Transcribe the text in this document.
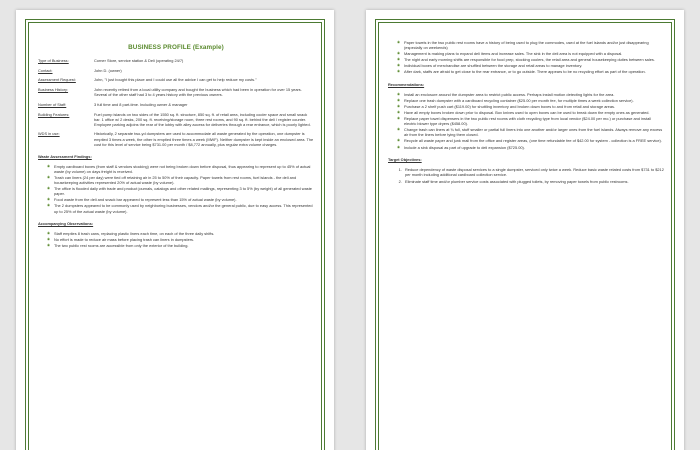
BUSINESS PROFILE (Example)
Type of Business:	Corner Store, service station & Deli (operating 24/7)
Contact:	John D. (owner)
Assessment Request:	John, "I just bought this place and I could use all the advice I can get to help reduce my costs."
Business History:	John recently retired from a local utility company and bought the business which had been in operation for over 15 years. Several of the other staff had 3 to 4 years history with the previous owners.
Number of Staff:	3 full time and 8 part-time. Including owner & manager
Building Features:	Fuel pump islands on two sides of the 1550 sq. ft. structure, 850 sq. ft. of retail area, including cooler space and small snack bar. 1 office w/ 2 desks, 200 sq. ft. receiving/storage room, three rest rooms, and 90 sq. ft. behind the deli / register counter. Employee parking adjoins the rear of the lobby with alley access for deliveries through a rear entrance, which is poorly lighted.
WDS in use:	Historically, 2 separate two-yd dumpsters are used to accommodate all waste generated by the operation, one dumpster is emptied 3 times a week, the other is emptied three times a week (MWF). Neither dumpster is kept inside an enclosed area. The cost for this level of service being $731.00 per month / $8,772 annually, plus regular extra volume charges.
Waste Assessment Findings:
◉ Empty cardboard boxes (from staff & vendors stocking) were not being broken down before disposal, thus appearing to represent up to 45% of actual waste (by volume) on days freight is received.
◉ Trash can liners (24 per day) were tied off retaining air in 25 to 50% of their capacity. Paper towels from rest rooms, fuel islands - the deli and housekeeping activities represented 20% of actual waste (by volume).
◉ The office is flooded daily with trade and product journals, catalogs and other related mailings, representing 3 to 5% (by weight) of all generated waste paper.
◉ Food waste from the deli and snack bar appeared to represent less than 15% of actual waste (by volume).
◉ The 2 dumpsters appeared to be commonly used by neighboring businesses, vendors and/or the general public, due to easy access. This represented up to 25% of the actual waste (by volume).
Accompanying Observations:
◉ Staff empties 8 trash cans, replacing plastic liners each time, on each of the three daily shifts.
◉ No effort is made to reduce air mass before placing trash can liners in dumpsters.
◉ The two public rest rooms are accessible from only the exterior of the building.
◉ Paper towels in the two public rest rooms have a history of being used to plug the commodes, used at the fuel islands and/or just disappearing (especially on weekends)
◉ Management is making plans to expand deli items and increase sales. The sink in the deli area is not equipped with a disposal.
◉ The night and early morning shifts are responsible for food prep, stocking coolers, the retail area and general housekeeping duties between sales.
◉ Individual boxes of merchandise are shuffled between the storage and retail areas to manage inventory.
◉ After dark, staffs are afraid to get close to the rear entrance, or to go outside. There appears to be no recycling effort as part of the operation.
Recommendations:
◉ Install an enclosure around the dumpster area to restrict public access. Perhaps install motion detecting lights for the area.
◉ Replace one trash dumpster with a cardboard recycling container ($25.00 per month fee, for multiple times a week collection service).
◉ Purchase a 2 shelf push cart ($119.00) for shuttling inventory and broken down boxes to and from retail and storage areas.
◉ Have all empty boxes broken down prior to disposal. Box knives used to open boxes can be used to break down the empty ones as generated.
◉ Replace paper towel dispensers in the two public rest rooms with cloth recycling type from local vendor ($24.00 per mo.) or purchase and install electric blower type dryers ($458.00).
◉ Change trash can liners at ¾ full, stuff smaller or partial full liners into one another and/or larger ones from the fuel islands. Always remove any excess air from the liners before tying them closed.
◉ Recycle all waste paper and junk mail from the office and register areas, (one time refundable fee of $42.00 for system - collection is a FREE service).
◉ Include a sink disposal as part of upgrade to deli expansion ($725.00).
Target Objectives:
1. Reduce dependency of waste disposal services to a single dumpster, serviced only twice a week. Reduce basic waste related costs from $731 to $212 per month including additional cardboard collection service.
2. Eliminate staff time and/or plumber service costs associated with plugged toilets, by removing paper towels from public restrooms.
